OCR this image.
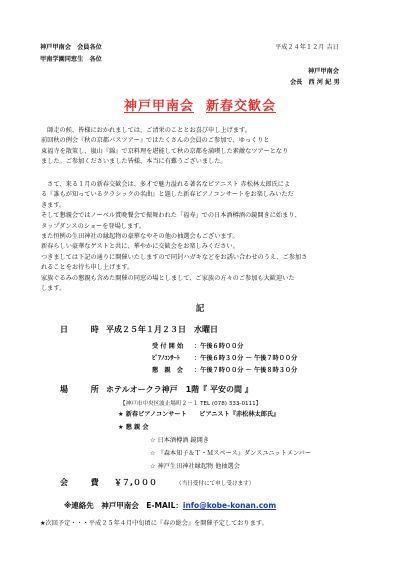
神戸甲南会　会員各位
甲南学園同窓生　各位
平成２４年１２月 吉日
神戸甲南会
会長　西 河 紀 男
神戸甲南会 新春交歓会

　師走の候、皆様におかれましては、ご清栄のこととお喜び申し上げます。

前回秋の例会『秋の京都バスツアー』ではたくさんの会員のご参加で、ゆっくりと

東福寺を散策し、嵐山『錦』で京料理を堪能して秋の京都を満喫した素敵なツアーとなり

ました。ご参加くださいました皆様、本当に有難うございました。

　さて、来る１月の新春交歓会は、多才で魅力溢れる著名なピアニスト 赤松林太郎氏によ

る『誰もが知っているクラシックの名曲』と題した新春ピアノコンサートをお楽しみいただ

きます。

そして懇親会ではノーベル賞晩餐会で振舞われた「福寿」での日本酒樽酒の鏡開きに始まり、

タップダンスのショーを登場します。

また恒例の生田神社の縁起物の豪華なやその他の抽選会もございます。

新春らしい豪華なゲストと共に、華やかに交歓会をお楽しみください。

つきましては下記の通りに開催いたしますので同封ハガキなどをお誘い合わせのうえ、ご参加さ

れることをお待ち申し上げます。

家族ぐるみの懇親も含めた開催の同窓の場としまして、ご家族の方々のご参加も大歓迎いた

します。

記
日 時
平成２５年１月２３日　水曜日
受 付 開 始 ：午後６時００分
ﾋﾟｱﾉｺﾝｻｰﾄ ：午後６時３０分 ～ 午後７時００分
懇　親　会 ：午後７時００分 ～ 午後８時３０分
場 所
ホテルオークラ神戸　1階『 平安の間 』
【神戸市中央区波止場町２－１ TEL (078) 333-0111】
★ 新春ピアノコンサート　　ピアニスト『赤松林太郎氏』
★ 懇 親 会
☆ 日本酒樽酒 鏡開き
☆ 『森本知子＆Ｔ・Ｍスペース』ダンスユニットメンバー
☆ 神戸生田神社縁起物 他抽選会
会 費 ￥７,０００	（当日受付にて申し受けます）
※連絡先　神戸甲南会　E-MAIL：info@kobe-konan.com
★次回予定・・・平成２５年４月中旬頃に『春の総会』を開催予定しております。
